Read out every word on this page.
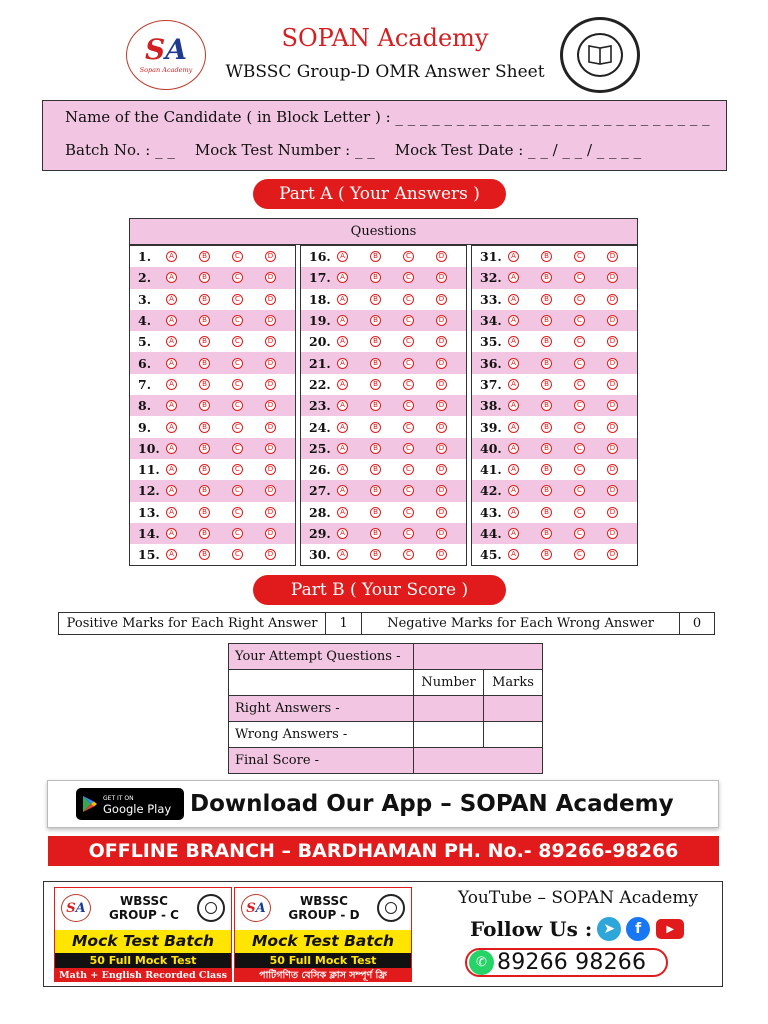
SA
Sopan Academy
SOPAN Academy
WBSSC Group-D OMR Answer Sheet
Name of the Candidate ( in Block Letter ) : _ _ _ _ _ _ _ _ _ _ _ _ _ _ _ _ _ _ _ _ _ _ _ _ _ _
Batch No. : _ _ Mock Test Number : _ _ Mock Test Date : _ _ / _ _ / _ _ _ _
Part A ( Your Answers )
Questions
1.	A	B	C	D
2.	A	B	C	D
3.	A	B	C	D
4.	A	B	C	D
5.	A	B	C	D
6.	A	B	C	D
7.	A	B	C	D
8.	A	B	C	D
9.	A	B	C	D
10.	A	B	C	D
11.	A	B	C	D
12.	A	B	C	D
13.	A	B	C	D
14.	A	B	C	D
15.	A	B	C	D
16.	A	B	C	D
17.	A	B	C	D
18.	A	B	C	D
19.	A	B	C	D
20.	A	B	C	D
21.	A	B	C	D
22.	A	B	C	D
23.	A	B	C	D
24.	A	B	C	D
25.	A	B	C	D
26.	A	B	C	D
27.	A	B	C	D
28.	A	B	C	D
29.	A	B	C	D
30.	A	B	C	D
31.	A	B	C	D
32.	A	B	C	D
33.	A	B	C	D
34.	A	B	C	D
35.	A	B	C	D
36.	A	B	C	D
37.	A	B	C	D
38.	A	B	C	D
39.	A	B	C	D
40.	A	B	C	D
41.	A	B	C	D
42.	A	B	C	D
43.	A	B	C	D
44.	A	B	C	D
45.	A	B	C	D
Part B ( Your Score )
Positive Marks for Each Right Answer	1	Negative Marks for Each Wrong Answer	0
Your Attempt Questions -		
	Number	Marks
Right Answers -		
Wrong Answers -		
Final Score -		
GET IT ON
Google Play Download Our App – SOPAN Academy
OFFLINE BRANCH – BARDHAMAN PH. No.- 89266-98266
S A	WBSSC
GROUP - C
Mock Test Batch
50 Full Mock Test
Math + English Recorded Class
S A	WBSSC
GROUP - D
Mock Test Batch
50 Full Mock Test
পাটিগণিত বেসিক ক্লাস সম্পূর্ণ ফ্রি
YouTube – SOPAN Academy
Follow Us : ➤	f	▶
✆ 89266 98266
